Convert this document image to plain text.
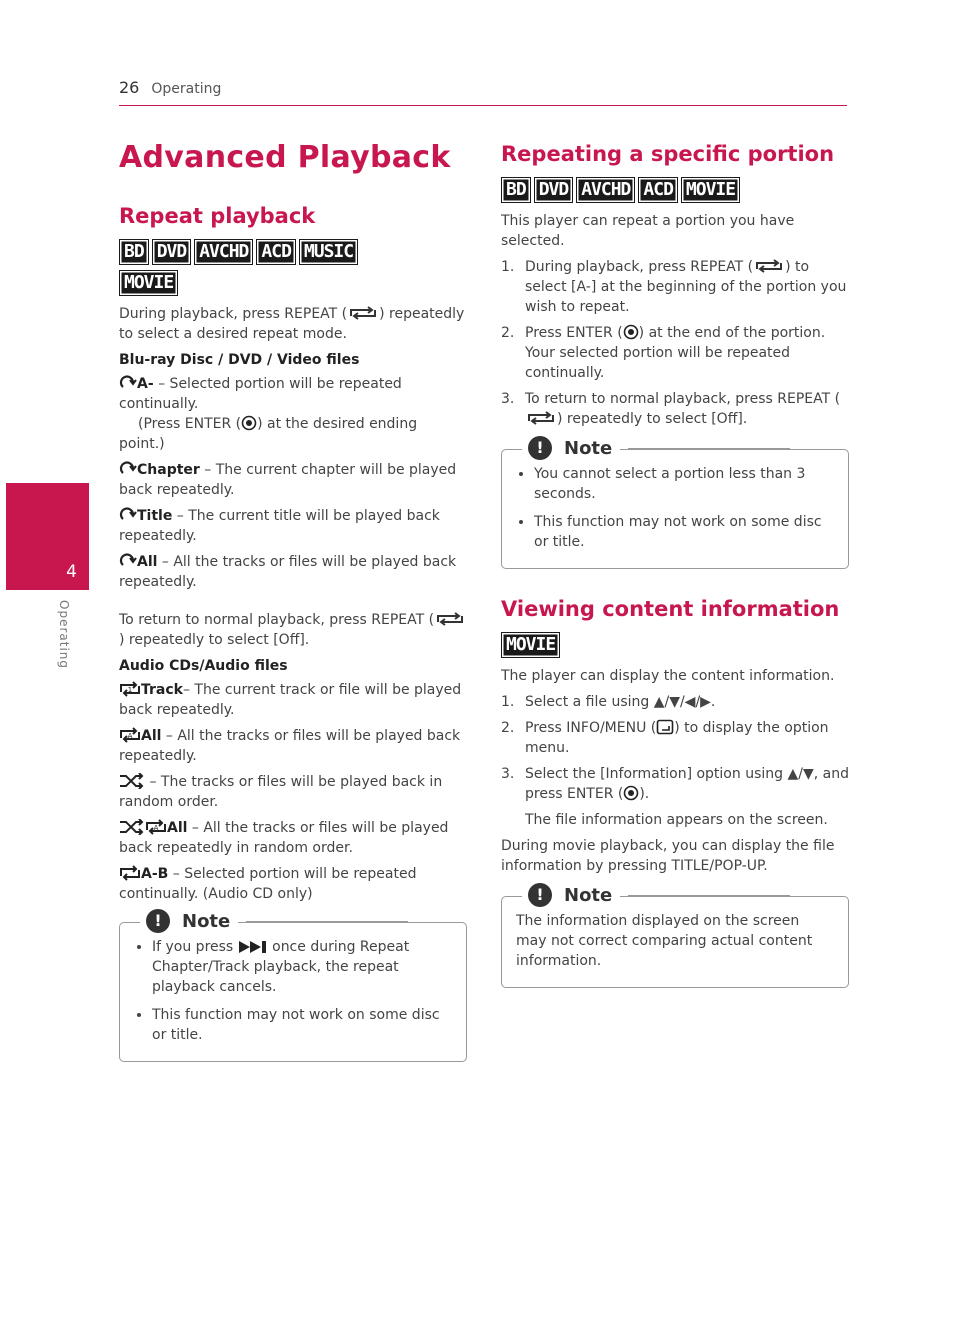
26 Operating
4
Operating
Advanced Playback
Repeat playback
BD DVD AVCHD ACD MUSIC
MOVIE

During playback, press REPEAT ( ) repeatedly to select a desired repeat mode.

Blu-ray Disc / DVD / Video files

A- – Selected portion will be repeated continually.
(Press ENTER ( ) at the desired ending point.)

Chapter – The current chapter will be played back repeatedly.

Title – The current title will be played back repeatedly.

All – All the tracks or files will be played back repeatedly.

To return to normal playback, press REPEAT () repeatedly to select [Off].

Audio CDs/Audio files

1 Track– The current track or file will be played back repeatedly.

A All – All the tracks or files will be played back repeatedly.

– The tracks or files will be played back in random order.

A All – All the tracks or files will be played back repeatedly in random order.

A-B – Selected portion will be repeated continually. (Audio CD only)

!	Note
• If you press  once during Repeat Chapter/Track playback, the repeat playback cancels.
• This function may not work on some disc or title.
Repeating a specific portion
BD DVD AVCHD ACD MOVIE

This player can repeat a portion you have selected.

1. During playback, press REPEAT ( ) to select [A-] at the beginning of the portion you wish to repeat.
2. Press ENTER ( ) at the end of the portion. Your selected portion will be repeated continually.
3. To return to normal playback, press REPEAT () repeatedly to select [Off].
!	Note
• You cannot select a portion less than 3 seconds.
• This function may not work on some disc or title.
Viewing content information
MOVIE

The player can display the content information.

1. Select a file using ▲/▼/◀/▶.
2. Press INFO/MENU ( ) to display the option menu.
3. Select the [Information] option using ▲/▼, and press ENTER ( ).

The file information appears on the screen.

During movie playback, you can display the file information by pressing TITLE/POP-UP.

!	Note

The information displayed on the screen may not correct comparing actual content information.
